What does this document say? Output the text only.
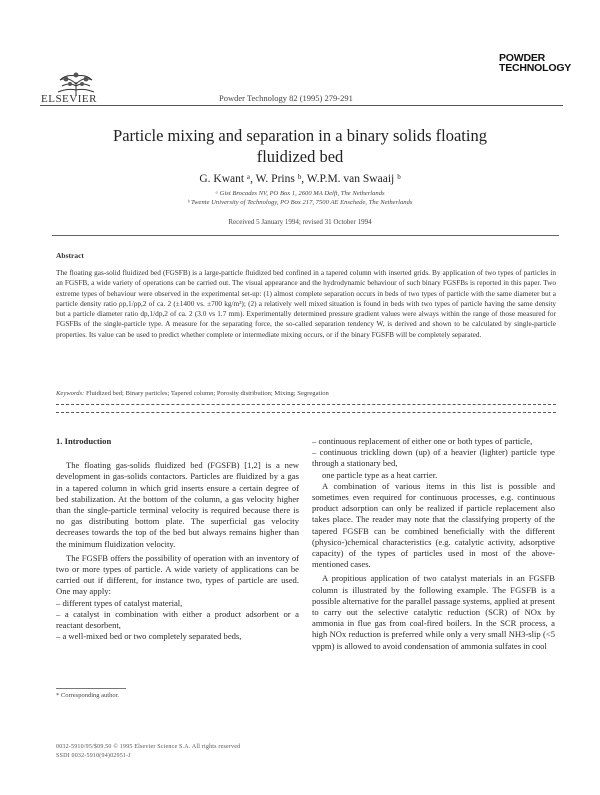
ELSEVIER	Powder Technology 82 (1995) 279-291
POWDER
TECHNOLOGY
Particle mixing and separation in a binary solids floating
fluidized bed
G. Kwant ᵃ, W. Prins ᵇ, W.P.M. van Swaaij ᵇ
ᵃ Gist Brocades NV, PO Box 1, 2600 MA Delft, The Netherlands
ᵇ Twente University of Technology, PO Box 217, 7500 AE Enschede, The Netherlands
Received 5 January 1994; revised 31 October 1994
Abstract
The floating gas-solid fluidized bed (FGSFB) is a large-particle fluidized bed confined in a tapered column with inserted grids. By application of two types of particles in an FGSFB, a wide variety of operations can be carried out. The visual appearance and the hydrodynamic behaviour of such binary FGSFBs is reported in this paper. Two extreme types of behaviour were observed in the experimental set-up: (1) almost complete separation occurs in beds of two types of particle with the same diameter but a particle density ratio ρp,1/ρp,2 of ca. 2 (±1400 vs. ±700 kg/m³); (2) a relatively well mixed situation is found in beds with two types of particle having the same density but a particle diameter ratio dp,1/dp,2 of ca. 2 (3.0 vs 1.7 mm). Experimentally determined pressure gradient values were always within the range of those measured for FGSFBs of the single-particle type. A measure for the separating force, the so-called separation tendency W, is derived and shown to be calculated by single-particle properties. Its value can be used to predict whether complete or intermediate mixing occurs, or if the binary FGSFB will be completely separated.
Keywords: Fluidized bed; Binary particles; Tapered column; Porosity distribution; Mixing; Segregation

1. Introduction

The floating gas-solids fluidized bed (FGSFB) [1,2] is a new development in gas-solids contactors. Particles are fluidized by a gas in a tapered column in which grid inserts ensure a certain degree of bed stabilization. At the bottom of the column, a gas velocity higher than the single-particle terminal velocity is required because there is no gas distributing bottom plate. The superficial gas velocity decreases towards the top of the bed but always remains higher than the minimum fluidization velocity.

The FGSFB offers the possibility of operation with an inventory of two or more types of particle. A wide variety of applications can be carried out if different, for instance two, types of particle are used. One may apply:

– different types of catalyst material,

– a catalyst in combination with either a product adsorbent or a reactant desorbent,

– a well-mixed bed or two completely separated beds,

– continuous replacement of either one or both types of particle,

– continuous trickling down (up) of a heavier (lighter) particle type through a stationary bed,

one particle type as a heat carrier.

A combination of various items in this list is possible and sometimes even required for continuous processes, e.g. continuous product adsorption can only be realized if particle replacement also takes place. The reader may note that the classifying property of the tapered FGSFB can be combined beneficially with the different (physico-)chemical characteristics (e.g. catalytic activity, adsorptive capacity) of the types of particles used in most of the above-mentioned cases.

A propitious application of two catalyst materials in an FGSFB column is illustrated by the following example. The FGSFB is a possible alternative for the parallel passage systems, applied at present to carry out the selective catalytic reduction (SCR) of NOx by ammonia in flue gas from coal-fired boilers. In the SCR process, a high NOx reduction is preferred while only a very small NH3-slip (<5 vppm) is allowed to avoid condensation of ammonia sulfates in cool

* Corresponding author.
0032-5910/95/$09.50 © 1995 Elsevier Science S.A. All rights reserved
SSDI 0032-5910(94)02951-J
